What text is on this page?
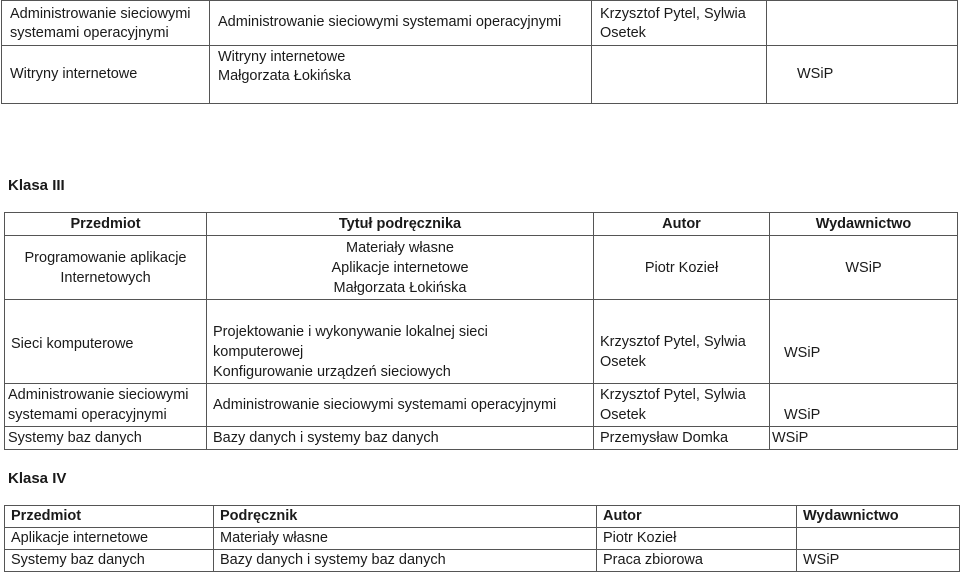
Administrowanie sieciowymi
systemami operacyjnymi	Administrowanie sieciowymi systemami operacyjnymi	Krzysztof Pytel, Sylwia
Osetek	

Witryny internetowe	Witryny internetowe
Małgorzata Łokińska		WSiP
Klasa III
Przedmiot	Tytuł podręcznika	Autor	Wydawnictwo

Programowanie aplikacje
Internetowych	Materiały własne
Aplikacje internetowe
Małgorzata Łokińska	Piotr Kozieł	WSiP
Sieci komputerowe	Projektowanie i wykonywanie lokalnej sieci
komputerowej
Konfigurowanie urządzeń sieciowych	Krzysztof Pytel, Sylwia
Osetek	WSiP

Administrowanie sieciowymi
systemami operacyjnymi	Administrowanie sieciowymi systemami operacyjnymi	Krzysztof Pytel, Sylwia
Osetek	WSiP
Systemy baz danych	Bazy danych i systemy baz danych	Przemysław Domka	WSiP
Klasa IV
Przedmiot	Podręcznik	Autor	Wydawnictwo
Aplikacje internetowe	Materiały własne	Piotr Kozieł	
Systemy baz danych	Bazy danych i systemy baz danych	Praca zbiorowa	WSiP
